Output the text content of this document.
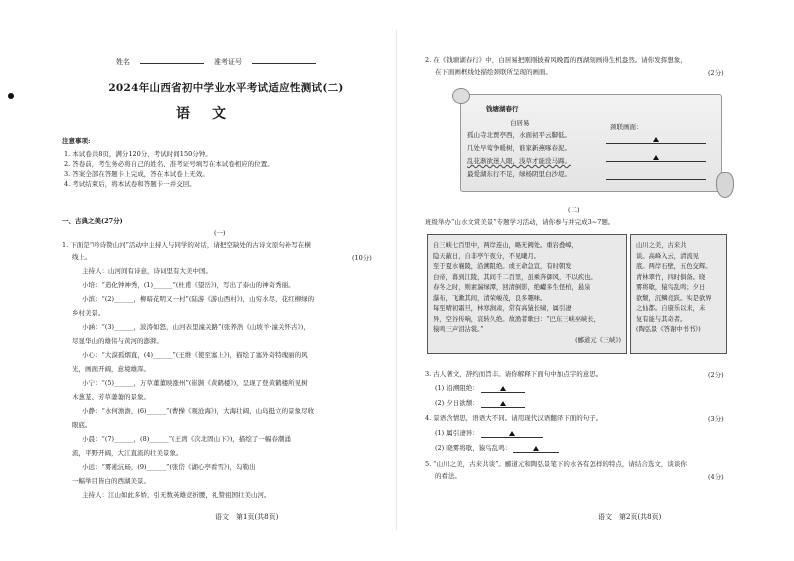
姓名	准考证号
2024年山西省初中学业水平考试适应性测试(二)
语文
注意事项:
1. 本试卷共8页，满分120分，考试时间150分钟。
2. 答卷前，考生务必将自己的姓名、准考证号填写在本试卷相应的位置。
3. 答案全部在答题卡上完成，答在本试卷上无效。
4. 考试结束后，将本试卷和答题卡一并交回。
一、古典之美(27分)
(一)
1. 下面是“吟诗赞山河”活动中主持人与同学的对话，请把空缺处的古诗文原句补写在横
线上。	(10分)
主持人：山河间有诗意，诗词里有大美中国。
小培：“造化钟神秀，(1)______”(杜甫《望岳》)，写出了泰山的神奇秀丽。
小滨：“(2)______，柳暗花明又一村”(陆游《游山西村》)，山穷水尽，花红柳绿的
乡村美景。
小涵：“(3)______，波涛如怒，山河表里潼关路”(张养浩《山坡羊·潼关怀古》)，
尽显华山的雄伟与黄河的澎湃。
小心：“大漠孤烟直，(4)______”(王维《使至塞上》)，描绘了塞外奇特瑰丽的风
光，画面开阔，意境雄浑。
小宁：“(5)______，万草董董映涨州”(崔颢《黄鹤楼》)，呈现了登黄鹤楼所见树
木葱茏、芳草萋萋的景象。
小静：“水何澹澹，(6)______”(曹操《观沧海》)，大海壮阔，山岛挺立的景象尽收
眼底。
小晨：“(7)______，(8)______”(王湾《次北固山下》)，描绘了一幅春潮涌
流，平野开阔，大江直流的壮美景象。
小远：“雾凇沆砀，(9)______”(张岱《湖心亭看雪》)，勾勒出
一幅举目皆白的西湖美景。
主持人：江山如此多娇，引无数英雄竞折腰，礼赞祖国壮美山河。
语文　第1页(共8页)
2. 在《钱塘湖春行》中，白居易把刚刚披着风晚霞的西湖刻画得生机盎然。请你发挥想象，
在下面画框线处描绘颈联所呈现的画面。	(2分)
钱塘湖春行
白居易
孤山寺北贾亭西，水面初平云脚低。
几处早莺争暖树，谁家新燕啄春泥。
乱花渐欲迷人眼，浅草才能没马蹄。
最爱湖东行不足，绿杨阴里白沙堤。
颈联画面：
(二)
班级举办“山水文赏美景”专题学习活动，请你参与并完成3~7题。
自三峡七百里中，两岸连山，略无阙处。重岩叠嶂，
隐天蔽日，自非亭午夜分，不见曦月。
至于夏水襄陵，沿溯阻绝。或王命急宣，有时朝发
白帝，暮到江陵，其间千二百里，虽乘奔御风，不以疾也。
春冬之时，则素湍绿潭，回清倒影，绝巘多生怪柏，悬泉
瀑布，飞漱其间，清荣峻茂，良多趣味。
每至晴初霜旦，林寒涧肃，常有高猿长啸，属引凄
异，空谷传响，哀转久绝。故渔者歌曰：“巴东三峡巫峡长，
猿鸣三声泪沾裳。”
(郦道元《三峡》)
山川之美，古来共
谈。高峰入云，清流见
底。两岸石壁，五色交辉。
青林翠竹，四时俱备。晓
雾将歇，猿鸟乱鸣；夕日
欲颓，沉鳞竞跃。实是欲界
之仙都。自康乐以来，未
复有能与其奇者。
(陶弘景《答谢中书书》)
3. 古人著文，辞约而旨丰。请你解释下面句中加点字的意思。	(2分)
(1) 沿溯阻绝：
(2) 夕日欲颓：
4. 景语含情思，语语大不同。请用现代汉语翻译下面的句子。	(3分)
(1) 属引凄异：
(2) 晓雾将歇，猿鸟乱鸣：
5. “山川之美，古来共谈”。郦道元和陶弘景笔下的水各有怎样的特点，请结合选文，谈谈你
的看法。	(4分)
语文　第2页(共8页)
